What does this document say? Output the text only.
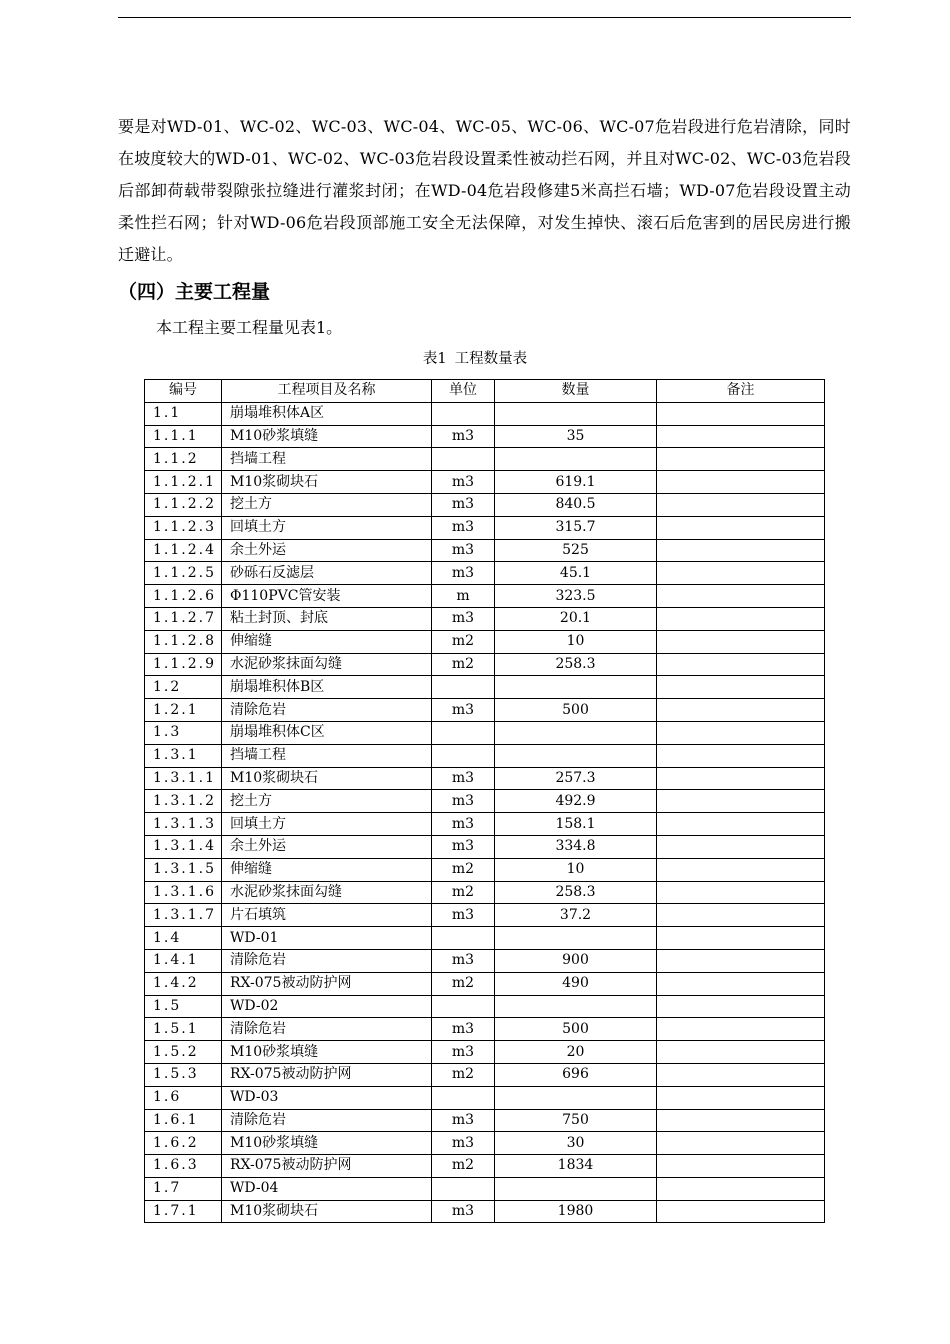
要是对WD-01、WC-02、WC-03、WC-04、WC-05、WC-06、WC-07危岩段进行危岩清除，同时在坡度较大的WD-01、WC-02、WC-03危岩段设置柔性被动拦石网，并且对WC-02、WC-03危岩段后部卸荷载带裂隙张拉缝进行灌浆封闭；在WD-04危岩段修建5米高拦石墙；WD-07危岩段设置主动柔性拦石网；针对WD-06危岩段顶部施工安全无法保障，对发生掉快、滚石后危害到的居民房进行搬迁避让。
（四）主要工程量
本工程主要工程量见表1。
表1 工程数量表
编号	工程项目及名称	单位	数量	备注
1.1	崩塌堆积体A区			
1.1.1	M10砂浆填缝	m3	35	
1.1.2	挡墙工程			
1.1.2.1	M10浆砌块石	m3	619.1	
1.1.2.2	挖土方	m3	840.5	
1.1.2.3	回填土方	m3	315.7	
1.1.2.4	余土外运	m3	525	
1.1.2.5	砂砾石反滤层	m3	45.1	
1.1.2.6	Φ110PVC管安装	m	323.5	
1.1.2.7	粘土封顶、封底	m3	20.1	
1.1.2.8	伸缩缝	m2	10	
1.1.2.9	水泥砂浆抹面勾缝	m2	258.3	
1.2	崩塌堆积体B区			
1.2.1	清除危岩	m3	500	
1.3	崩塌堆积体C区			
1.3.1	挡墙工程			
1.3.1.1	M10浆砌块石	m3	257.3	
1.3.1.2	挖土方	m3	492.9	
1.3.1.3	回填土方	m3	158.1	
1.3.1.4	余土外运	m3	334.8	
1.3.1.5	伸缩缝	m2	10	
1.3.1.6	水泥砂浆抹面勾缝	m2	258.3	
1.3.1.7	片石填筑	m3	37.2	
1.4	WD-01			
1.4.1	清除危岩	m3	900	
1.4.2	RX-075被动防护网	m2	490	
1.5	WD-02			
1.5.1	清除危岩	m3	500	
1.5.2	M10砂浆填缝	m3	20	
1.5.3	RX-075被动防护网	m2	696	
1.6	WD-03			
1.6.1	清除危岩	m3	750	
1.6.2	M10砂浆填缝	m3	30	
1.6.3	RX-075被动防护网	m2	1834	
1.7	WD-04			
1.7.1	M10浆砌块石	m3	1980	
